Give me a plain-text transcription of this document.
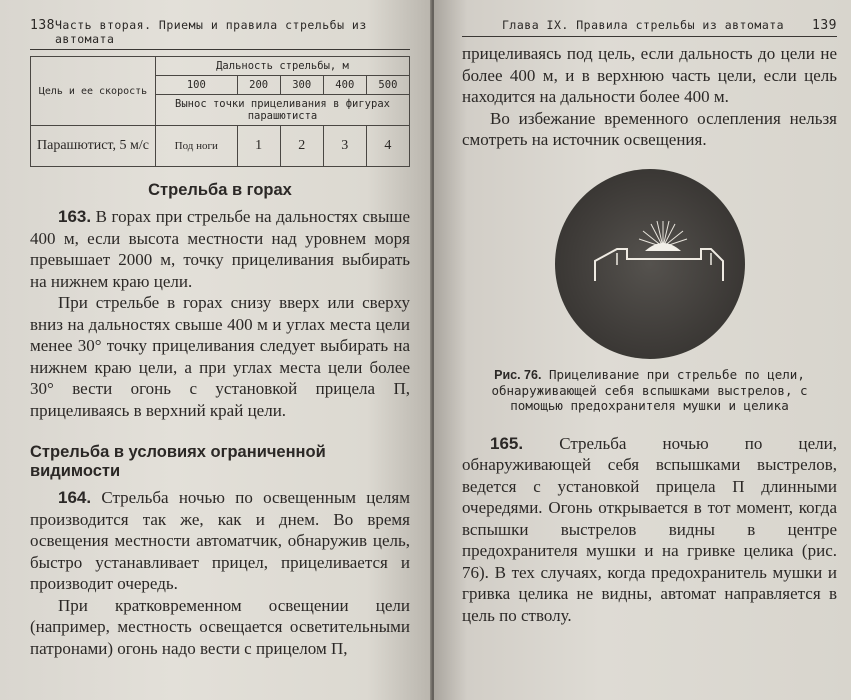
138 Часть вторая. Приемы и правила стрельбы из автомата
Цель и ее скорость	Дальность стрельбы, м				
	100	200	300	400	500
	Вынос точки прицеливания в фигурах парашютиста				
Парашютист, 5 м/с	Под ноги	1	2	3	4
Стрельба в горах

163. В горах при стрельбе на дальностях свыше 400 м, если высота местности над уровнем моря превышает 2000 м, точку прицеливания выбирать на нижнем краю цели.

При стрельбе в горах снизу вверх или сверху вниз на дальностях свыше 400 м и углах места цели менее 30° точку прицеливания следует выбирать на нижнем краю цели, а при углах места цели более 30° вести огонь с установкой прицела П, прицеливаясь в верхний край цели.

Стрельба в условиях ограниченной видимости

164. Стрельба ночью по освещенным целям производится так же, как и днем. Во время освещения местности автоматчик, обнаружив цель, быстро устанавливает прицел, прицеливается и производит очередь.

При кратковременном освещении цели (например, местность освещается осветительными патронами) огонь надо вести с прицелом П,

Глава IX. Правила стрельбы из автомата 139

прицеливаясь под цель, если дальность до цели не более 400 м, и в верхнюю часть цели, если цель находится на дальности более 400 м.

Во избежание временного ослепления нельзя смотреть на источник освещения.

Рис. 76. Прицеливание при стрельбе по цели, обнаруживающей себя вспышками выстрелов, с помощью предохранителя мушки и целика

165. Стрельба ночью по цели, обнаруживающей себя вспышками выстрелов, ведется с установкой прицела П длинными очередями. Огонь открывается в тот момент, когда вспышки выстрелов видны в центре предохранителя мушки и на гривке целика (рис. 76). В тех случаях, когда предохранитель мушки и гривка целика не видны, автомат направляется в цель по стволу.
